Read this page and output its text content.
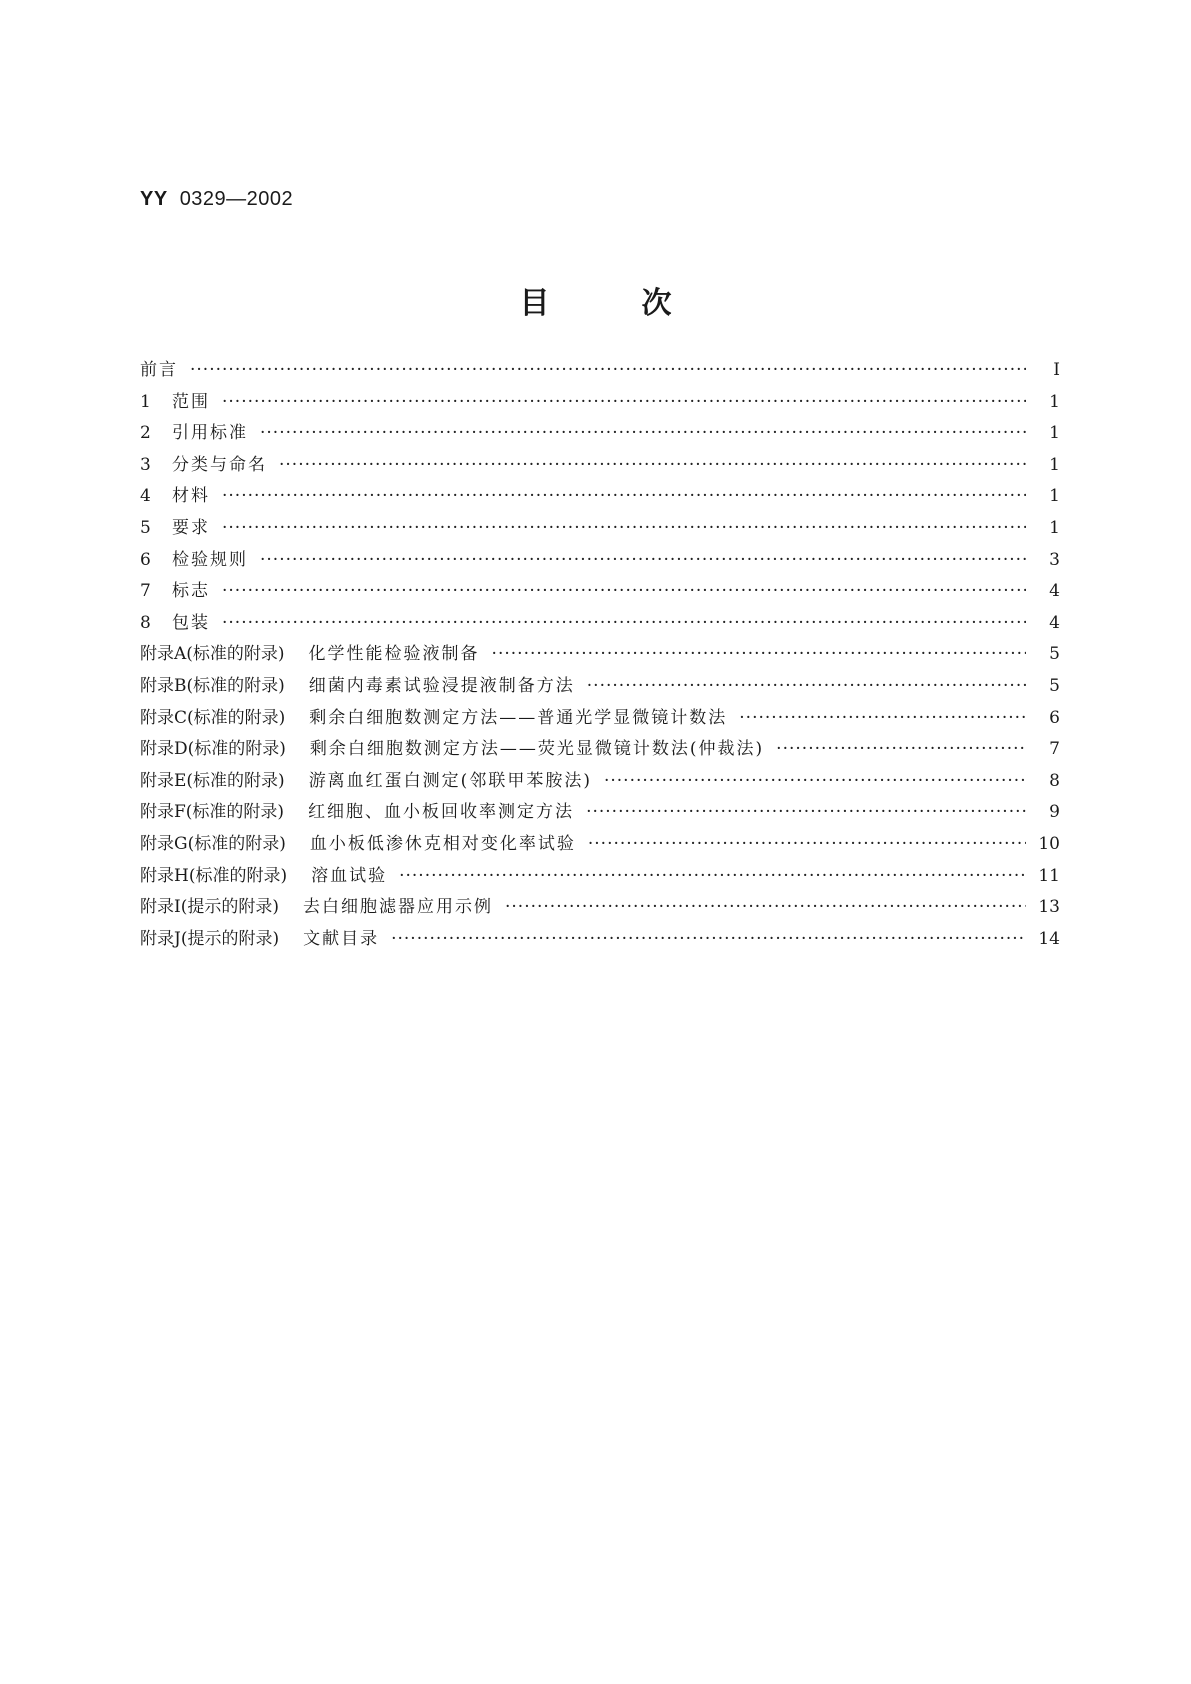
YY 0329—2002
目次
前言 ·····	Ⅰ
1	范围 ·····	1
2	引用标准 ·····	1
3	分类与命名 ·····	1
4	材料 ·····	1
5	要求 ·····	1
6	检验规则 ·····	3
7	标志 ·····	4
8	包装 ·····	4
附录A(标准的附录) 化学性能检验液制备 ·····	5
附录B(标准的附录) 细菌内毒素试验浸提液制备方法 ·····	5
附录C(标准的附录) 剩余白细胞数测定方法——普通光学显微镜计数法 ·····	6
附录D(标准的附录) 剩余白细胞数测定方法——荧光显微镜计数法(仲裁法) ·····	7
附录E(标准的附录) 游离血红蛋白测定(邻联甲苯胺法) ·····	8
附录F(标准的附录) 红细胞、血小板回收率测定方法 ·····	9
附录G(标准的附录) 血小板低渗休克相对变化率试验 ·····	10
附录H(标准的附录) 溶血试验 ·····	11
附录I(提示的附录) 去白细胞滤器应用示例 ·····	13
附录J(提示的附录) 文献目录 ·····	14
